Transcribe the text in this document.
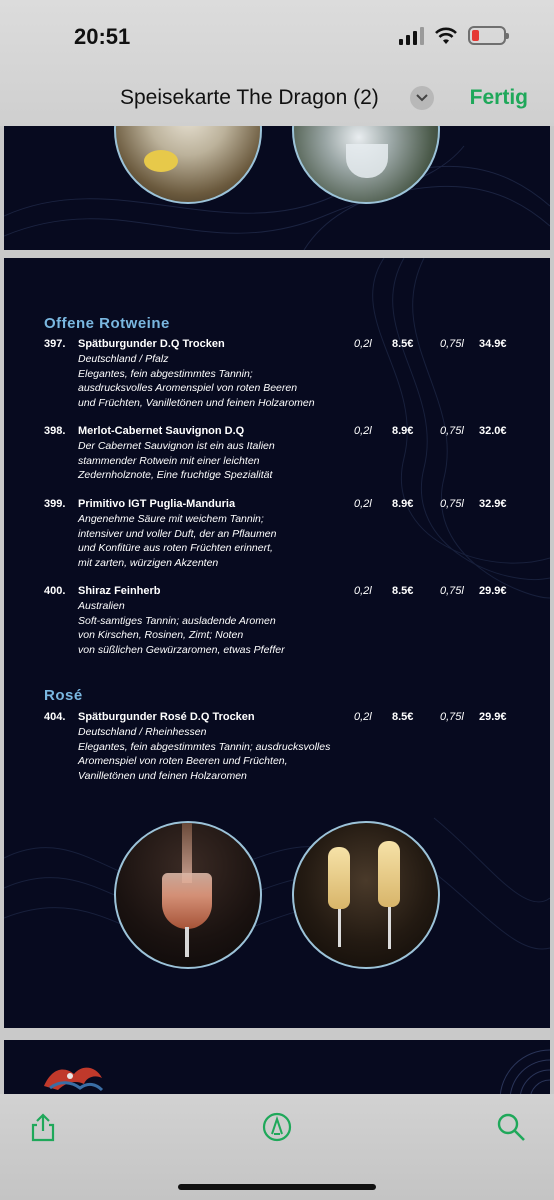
20:51
Speisekarte The Dragon (2)	Fertig
Offene Rotweine
397.	Spätburgunder D.Q Trocken
Deutschland / Pfalz
Elegantes, fein abgestimmtes Tannin;
ausdrucksvolles Aromenspiel von roten Beeren
und Früchten, Vanilletönen und feinen Holzaromen
0,2l 8.5€ 0,75l 34.9€
398.	Merlot-Cabernet Sauvignon D.Q
Der Cabernet Sauvignon ist ein aus Italien
stammender Rotwein mit einer leichten
Zedernholznote, Eine fruchtige Spezialität
0,2l 8.9€ 0,75l 32.0€
399.	Primitivo IGT Puglia-Manduria
Angenehme Säure mit weichem Tannin;
intensiver und voller Duft, der an Pflaumen
und Konfitüre aus roten Früchten erinnert,
mit zarten, würzigen Akzenten
0,2l 8.9€ 0,75l 32.9€
400.	Shiraz Feinherb
Australien
Soft-samtiges Tannin; ausladende Aromen
von Kirschen, Rosinen, Zimt; Noten
von süßlichen Gewürzaromen, etwas Pfeffer
0,2l 8.5€ 0,75l 29.9€
Rosé
404.	Spätburgunder Rosé D.Q Trocken
Deutschland / Rheinhessen
Elegantes, fein abgestimmtes Tannin; ausdrucksvolles
Aromenspiel von roten Beeren und Früchten,
Vanilletönen und feinen Holzaromen
0,2l 8.5€ 0,75l 29.9€
